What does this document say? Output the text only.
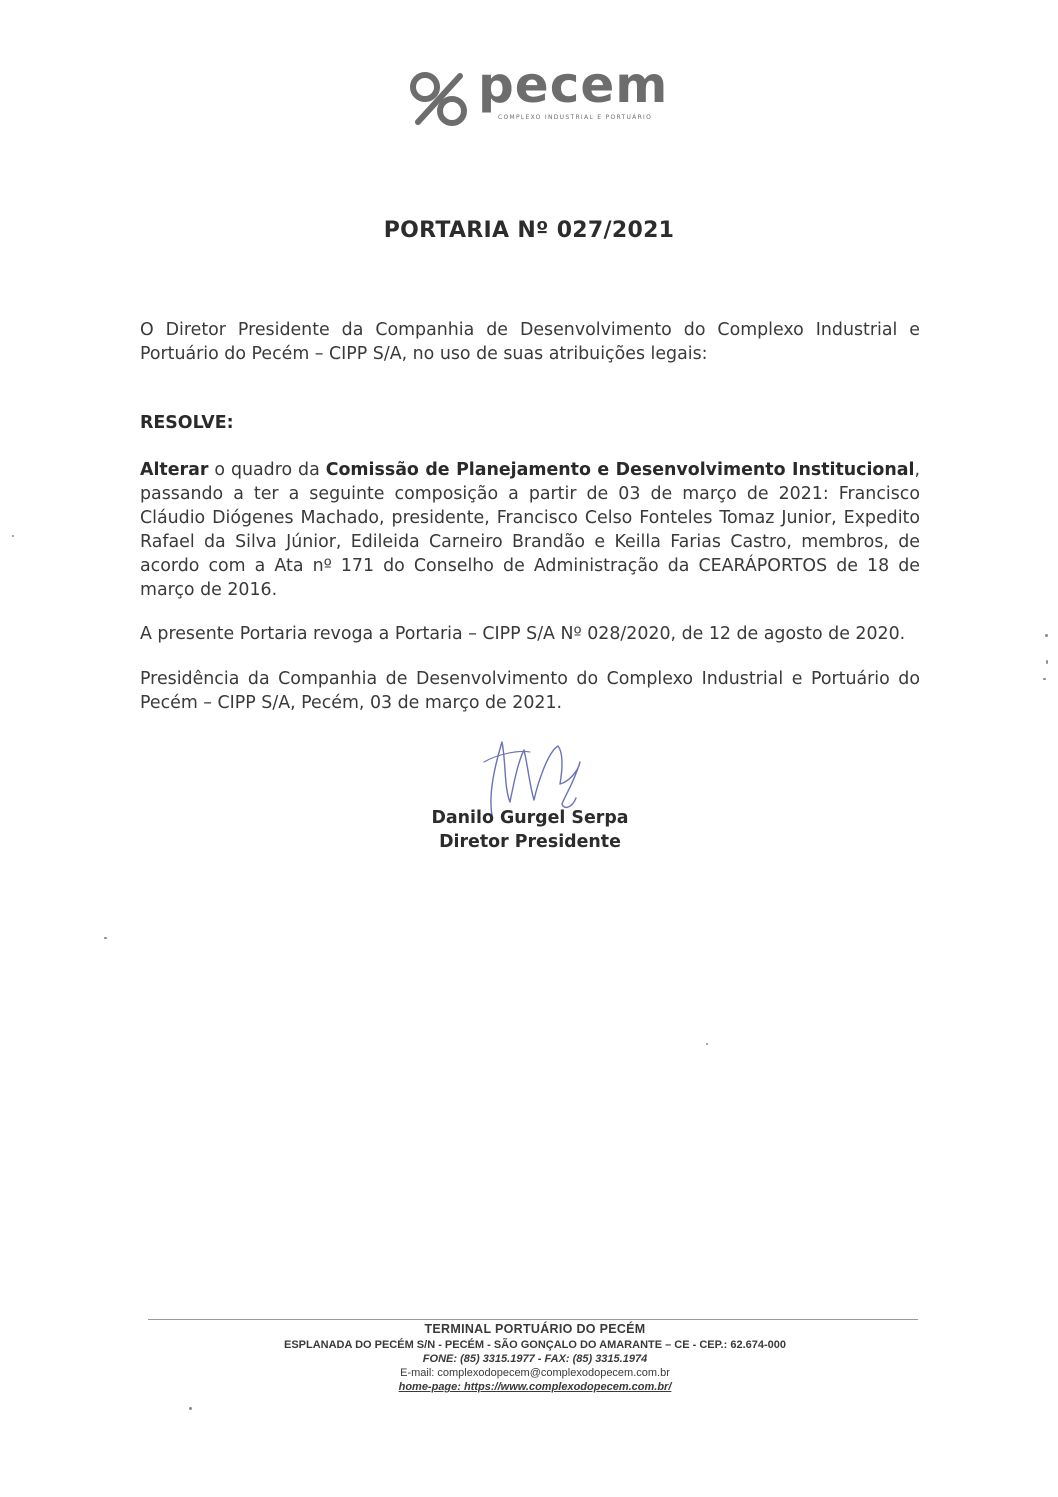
pecem
COMPLEXO INDUSTRIAL E PORTUÁRIO
PORTARIA Nº 027/2021
O Diretor Presidente da Companhia de Desenvolvimento do Complexo Industrial e Portuário do Pecém – CIPP S/A, no uso de suas atribuições legais:
RESOLVE:
Alterar o quadro da Comissão de Planejamento e Desenvolvimento Institucional, passando a ter a seguinte composição a partir de 03 de março de 2021: Francisco Cláudio Diógenes Machado, presidente, Francisco Celso Fonteles Tomaz Junior, Expedito Rafael da Silva Júnior, Edileida Carneiro Brandão e Keilla Farias Castro, membros, de acordo com a Ata nº 171 do Conselho de Administração da CEARÁPORTOS de 18 de março de 2016.
A presente Portaria revoga a Portaria – CIPP S/A Nº 028/2020, de 12 de agosto de 2020.
Presidência da Companhia de Desenvolvimento do Complexo Industrial e Portuário do Pecém – CIPP S/A, Pecém, 03 de março de 2021.
Danilo Gurgel Serpa
Diretor Presidente
TERMINAL PORTUÁRIO DO PECÉM
ESPLANADA DO PECÉM S/N - PECÉM - SÃO GONÇALO DO AMARANTE – CE - CEP.: 62.674-000
FONE: (85) 3315.1977 - FAX: (85) 3315.1974
E-mail: complexodopecem@complexodopecem.com.br
home-page: https://www.complexodopecem.com.br/
